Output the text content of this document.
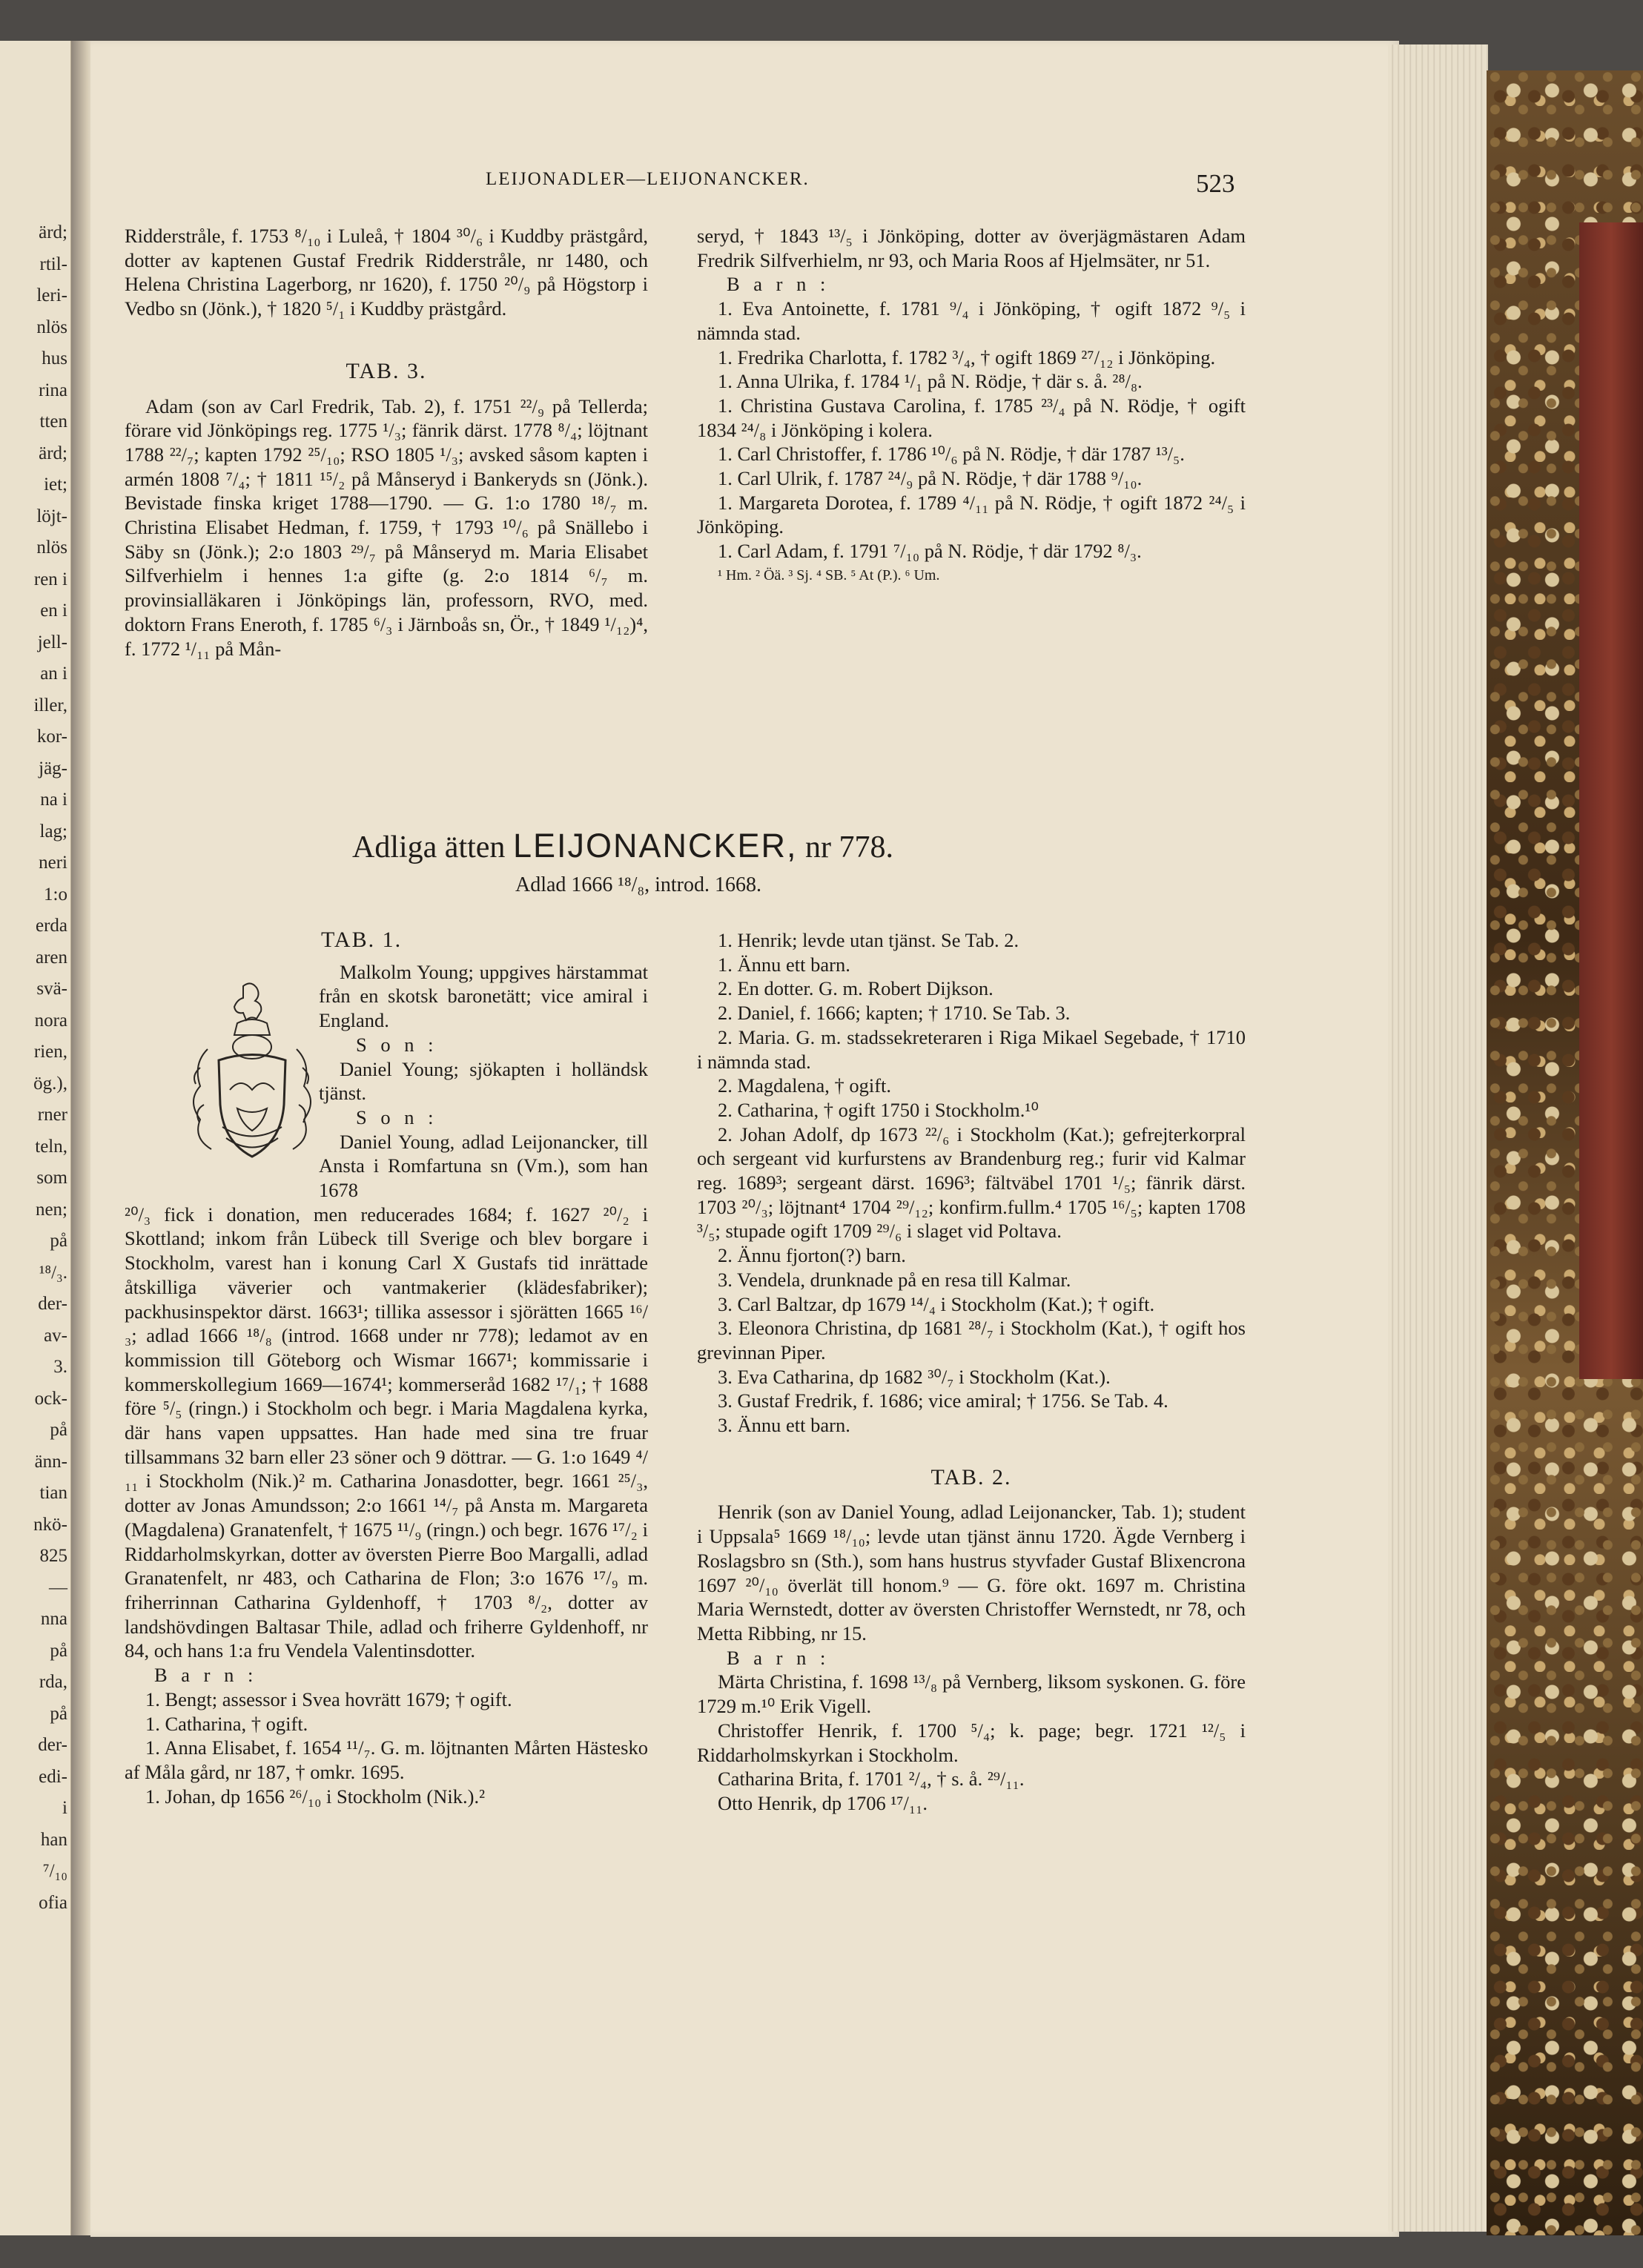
ärd;
rtil-
leri-
nlös
hus
rina
tten
ärd;
iet;
löjt-
nlös
ren i
en i
jell-
an i
iller,
kor-
jäg-
na i
lag;
neri
1:o
erda
aren
svä-
nora
rien,
ög.),
rner
teln,
som
nen;
på
¹⁸/₃.
der-
av-
3.
ock-
på
änn-
tian
nkö-
825
—
nna
på
rda,
på
der-
edi-
i
han
⁷/₁₀
ofia
LEIJONADLER—LEIJONANCKER.	523

Ridderstråle, f. 1753 ⁸/₁₀ i Luleå, † 1804 ³⁰/₆ i Kuddby prästgård, dotter av kaptenen Gustaf Fredrik Ridderstråle, nr 1480, och Helena Christina Lagerborg, nr 1620), f. 1750 ²⁰/₉ på Högstorp i Vedbo sn (Jönk.), † 1820 ⁵/₁ i Kuddby prästgård.

TAB. 3.

Adam (son av Carl Fredrik, Tab. 2), f. 1751 ²²/₉ på Tellerda; förare vid Jönköpings reg. 1775 ¹/₃; fänrik därst. 1778 ⁸/₄; löjtnant 1788 ²²/₇; kapten 1792 ²⁵/₁₀; RSO 1805 ¹/₃; avsked såsom kapten i armén 1808 ⁷/₄; † 1811 ¹⁵/₂ på Månseryd i Bankeryds sn (Jönk.). Bevistade finska kriget 1788—1790. — G. 1:o 1780 ¹⁸/₇ m. Christina Elisabet Hedman, f. 1759, † 1793 ¹⁰/₆ på Snällebo i Säby sn (Jönk.); 2:o 1803 ²⁹/₇ på Månseryd m. Maria Elisabet Silfverhielm i hennes 1:a gifte (g. 2:o 1814 ⁶/₇ m. provinsialläkaren i Jönköpings län, professorn, RVO, med. doktorn Frans Eneroth, f. 1785 ⁶/₃ i Järnboås sn, Ör., † 1849 ¹/₁₂)⁴, f. 1772 ¹/₁₁ på Mån-

seryd, † 1843 ¹³/₅ i Jönköping, dotter av överjägmästaren Adam Fredrik Silfverhielm, nr 93, och Maria Roos af Hjelmsäter, nr 51.

B a r n :

1. Eva Antoinette, f. 1781 ⁹/₄ i Jönköping, † ogift 1872 ⁹/₅ i nämnda stad.

1. Fredrika Charlotta, f. 1782 ³/₄, † ogift 1869 ²⁷/₁₂ i Jönköping.

1. Anna Ulrika, f. 1784 ¹/₁ på N. Rödje, † där s. å. ²⁸/₈.

1. Christina Gustava Carolina, f. 1785 ²³/₄ på N. Rödje, † ogift 1834 ²⁴/₈ i Jönköping i kolera.

1. Carl Christoffer, f. 1786 ¹⁰/₆ på N. Rödje, † där 1787 ¹³/₅.

1. Carl Ulrik, f. 1787 ²⁴/₉ på N. Rödje, † där 1788 ⁹/₁₀.

1. Margareta Dorotea, f. 1789 ⁴/₁₁ på N. Rödje, † ogift 1872 ²⁴/₅ i Jönköping.

1. Carl Adam, f. 1791 ⁷/₁₀ på N. Rödje, † där 1792 ⁸/₃.

¹ Hm. ² Öä. ³ Sj. ⁴ SB. ⁵ At (P.). ⁶ Um.

Adliga ätten LEIJONANCKER, nr 778.
Adlad 1666 ¹⁸/₈, introd. 1668.

TAB. 1.

Malkolm Young; uppgives härstammat från en skotsk baronetätt; vice amiral i England.

S o n :

Daniel Young; sjökapten i holländsk tjänst.

S o n :

Daniel Young, adlad Leijonancker, till Ansta i Romfartuna sn (Vm.), som han 1678

²⁰/₃ fick i donation, men reducerades 1684; f. 1627 ²⁰/₂ i Skottland; inkom från Lübeck till Sverige och blev borgare i Stockholm, varest han i konung Carl X Gustafs tid inrättade åtskilliga väverier och vantmakerier (klädesfabriker); packhusinspektor därst. 1663¹; tillika assessor i sjörätten 1665 ¹⁶/₃; adlad 1666 ¹⁸/₈ (introd. 1668 under nr 778); ledamot av en kommission till Göteborg och Wismar 1667¹; kommissarie i kommerskollegium 1669—1674¹; kommerseråd 1682 ¹⁷/₁; † 1688 före ⁵/₅ (ringn.) i Stockholm och begr. i Maria Magdalena kyrka, där hans vapen uppsattes. Han hade med sina tre fruar tillsammans 32 barn eller 23 söner och 9 döttrar. — G. 1:o 1649 ⁴/₁₁ i Stockholm (Nik.)² m. Catharina Jonasdotter, begr. 1661 ²⁵/₃, dotter av Jonas Amundsson; 2:o 1661 ¹⁴/₇ på Ansta m. Margareta (Magdalena) Granatenfelt, † 1675 ¹¹/₉ (ringn.) och begr. 1676 ¹⁷/₂ i Riddarholmskyrkan, dotter av översten Pierre Boo Margalli, adlad Granatenfelt, nr 483, och Catharina de Flon; 3:o 1676 ¹⁷/₉ m. friherrinnan Catharina Gyldenhoff, † 1703 ⁸/₂, dotter av landshövdingen Baltasar Thile, adlad och friherre Gyldenhoff, nr 84, och hans 1:a fru Vendela Valentinsdotter.

B a r n :

1. Bengt; assessor i Svea hovrätt 1679; † ogift.

1. Catharina, † ogift.

1. Anna Elisabet, f. 1654 ¹¹/₇. G. m. löjtnanten Mårten Hästesko af Måla gård, nr 187, † omkr. 1695.

1. Johan, dp 1656 ²⁶/₁₀ i Stockholm (Nik.).²

1. Henrik; levde utan tjänst. Se Tab. 2.

1. Ännu ett barn.

2. En dotter. G. m. Robert Dijkson.

2. Daniel, f. 1666; kapten; † 1710. Se Tab. 3.

2. Maria. G. m. stadssekreteraren i Riga Mikael Segebade, † 1710 i nämnda stad.

2. Magdalena, † ogift.

2. Catharina, † ogift 1750 i Stockholm.¹⁰

2. Johan Adolf, dp 1673 ²²/₆ i Stockholm (Kat.); gefrejterkorpral och sergeant vid kurfurstens av Brandenburg reg.; furir vid Kalmar reg. 1689³; sergeant därst. 1696³; fältväbel 1701 ¹/₅; fänrik därst. 1703 ²⁰/₃; löjtnant⁴ 1704 ²⁹/₁₂; konfirm.fullm.⁴ 1705 ¹⁶/₅; kapten 1708 ³/₅; stupade ogift 1709 ²⁹/₆ i slaget vid Poltava.

2. Ännu fjorton(?) barn.

3. Vendela, drunknade på en resa till Kalmar.

3. Carl Baltzar, dp 1679 ¹⁴/₄ i Stockholm (Kat.); † ogift.

3. Eleonora Christina, dp 1681 ²⁸/₇ i Stockholm (Kat.), † ogift hos grevinnan Piper.

3. Eva Catharina, dp 1682 ³⁰/₇ i Stockholm (Kat.).

3. Gustaf Fredrik, f. 1686; vice amiral; † 1756. Se Tab. 4.

3. Ännu ett barn.

TAB. 2.

Henrik (son av Daniel Young, adlad Leijonancker, Tab. 1); student i Uppsala⁵ 1669 ¹⁸/₁₀; levde utan tjänst ännu 1720. Ägde Vernberg i Roslagsbro sn (Sth.), som hans hustrus styvfader Gustaf Blixencrona 1697 ²⁰/₁₀ överlät till honom.⁹ — G. före okt. 1697 m. Christina Maria Wernstedt, dotter av översten Christoffer Wernstedt, nr 78, och Metta Ribbing, nr 15.

B a r n :

Märta Christina, f. 1698 ¹³/₈ på Vernberg, liksom syskonen. G. före 1729 m.¹⁰ Erik Vigell.

Christoffer Henrik, f. 1700 ⁵/₄; k. page; begr. 1721 ¹²/₅ i Riddarholmskyrkan i Stockholm.

Catharina Brita, f. 1701 ²/₄, † s. å. ²⁹/₁₁.

Otto Henrik, dp 1706 ¹⁷/₁₁.
